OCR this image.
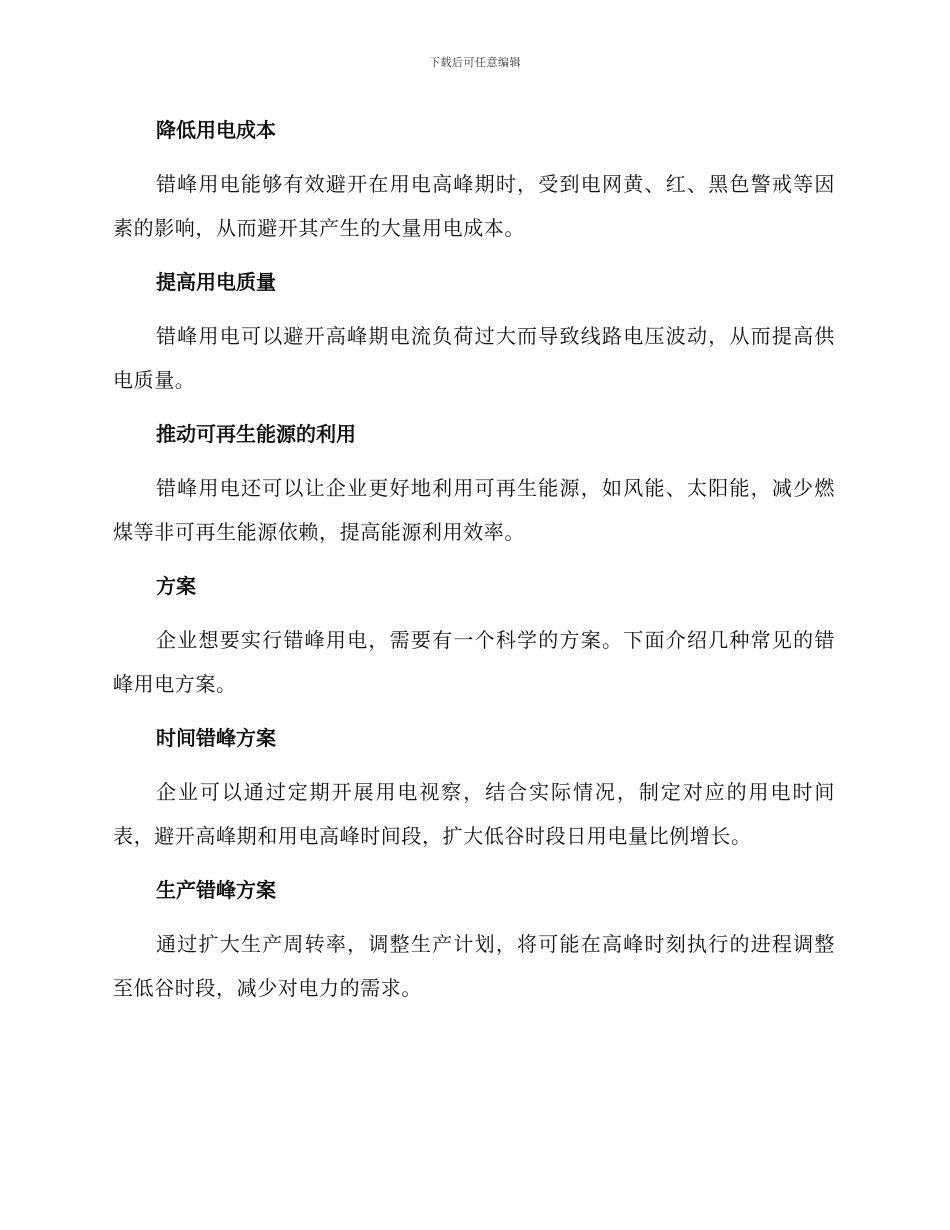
下载后可任意编辑
降低用电成本

错峰用电能够有效避开在用电高峰期时，受到电网黄、红、黑色警戒等因素的影响，从而避开其产生的大量用电成本。

提高用电质量

错峰用电可以避开高峰期电流负荷过大而导致线路电压波动，从而提高供电质量。

推动可再生能源的利用

错峰用电还可以让企业更好地利用可再生能源，如风能、太阳能，减少燃煤等非可再生能源依赖，提高能源利用效率。

方案

企业想要实行错峰用电，需要有一个科学的方案。下面介绍几种常见的错峰用电方案。

时间错峰方案

企业可以通过定期开展用电视察，结合实际情况，制定对应的用电时间表，避开高峰期和用电高峰时间段，扩大低谷时段日用电量比例增长。

生产错峰方案

通过扩大生产周转率，调整生产计划，将可能在高峰时刻执行的进程调整至低谷时段，减少对电力的需求。
